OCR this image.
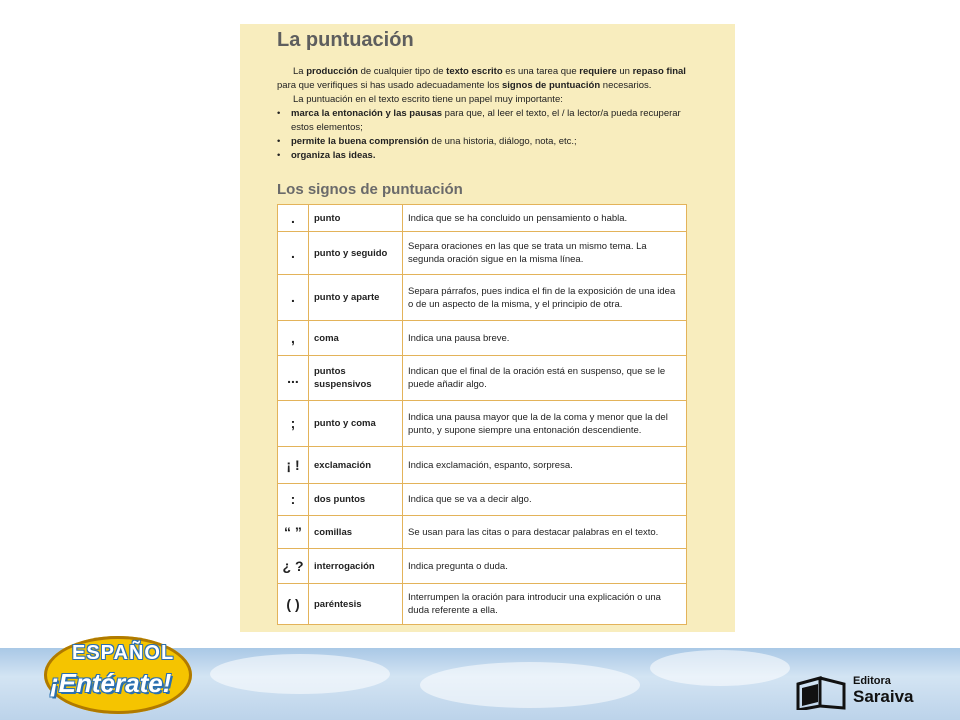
La puntuación

La producción de cualquier tipo de texto escrito es una tarea que requiere un repaso final para que verifiques si has usado adecuadamente los signos de puntuación necesarios.

La puntuación en el texto escrito tiene un papel muy importante:

• marca la entonación y las pausas para que, al leer el texto, el / la lector/a pueda recuperar estos elementos;
• permite la buena comprensión de una historia, diálogo, nota, etc.;
• organiza las ideas.
Los signos de puntuación
.	punto	Indica que se ha concluido un pensamiento o habla.
.	punto y seguido	Separa oraciones en las que se trata un mismo tema. La segunda oración sigue en la misma línea.
.	punto y aparte	Separa párrafos, pues indica el fin de la exposición de una idea o de un aspecto de la misma, y el principio de otra.
,	coma	Indica una pausa breve.
...	puntos suspensivos	Indican que el final de la oración está en suspenso, que se le puede añadir algo.
;	punto y coma	Indica una pausa mayor que la de la coma y menor que la del punto, y supone siempre una entonación descendiente.
¡ !	exclamación	Indica exclamación, espanto, sorpresa.
:	dos puntos	Indica que se va a decir algo.
“ ”	comillas	Se usan para las citas o para destacar palabras en el texto.
¿ ?	interrogación	Indica pregunta o duda.
( )	paréntesis	Interrumpen la oración para introducir una explicación o una duda referente a ella.
ESPAÑOL
¡Entérate!	Editora
Saraiva
